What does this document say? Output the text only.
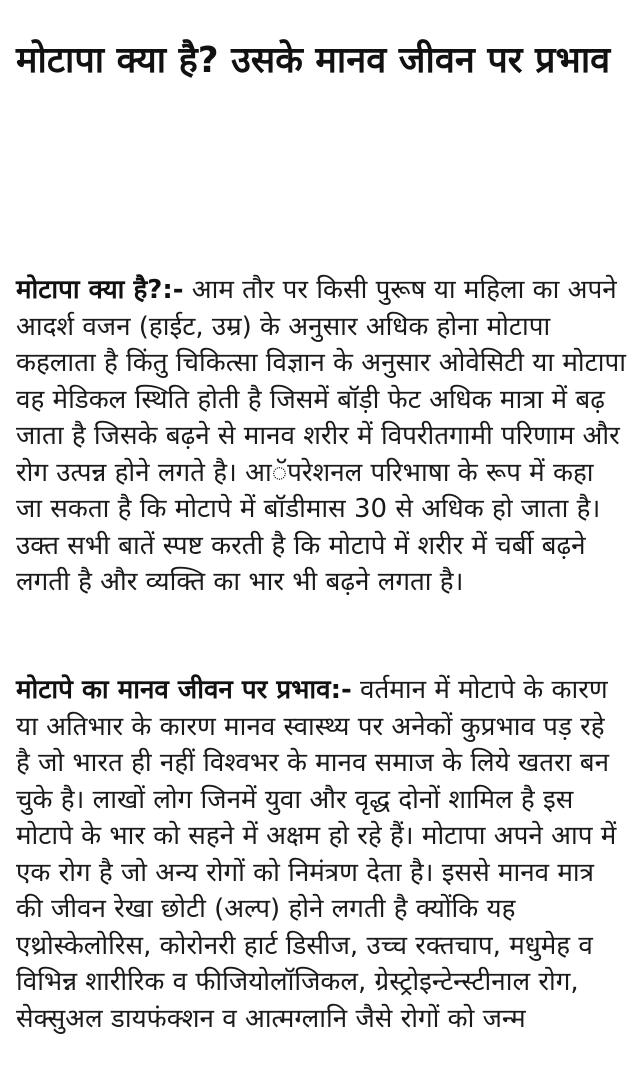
मोटापा क्या है? उसके मानव जीवन पर प्रभाव

मोटापा क्या है?:- आम तौर पर किसी पुरूष या महिला का अपने आदर्श वजन (हाईट, उम्र) के अनुसार अधिक होना मोटापा कहलाता है किंतु चिकित्सा विज्ञान के अनुसार ओवेसिटी या मोटापा वह मेडिकल स्थिति होती है जिसमें बॉड़ी फेट अधिक मात्रा में बढ़ जाता है जिसके बढ़ने से मानव शरीर में विपरीतगामी परिणाम और रोग उत्पन्न होने लगते है। आॅपरेशनल परिभाषा के रूप में कहा जा सकता है कि मोटापे में बॉडीमास 30 से अधिक हो जाता है। उक्त सभी बातें स्पष्ट करती है कि मोटापे में शरीर में चर्बी बढ़ने लगती है और व्यक्ति का भार भी बढ़ने लगता है।

मोटापे का मानव जीवन पर प्रभाव:- वर्तमान में मोटापे के कारण या अतिभार के कारण मानव स्वास्थ्य पर अनेकों कुप्रभाव पड़ रहे है जो भारत ही नहीं विश्वभर के मानव समाज के लिये खतरा बन चुके है। लाखों लोग जिनमें युवा और वृद्ध दोनों शामिल है इस मोटापे के भार को सहने में अक्षम हो रहे हैं। मोटापा अपने आप में एक रोग है जो अन्य रोगों को निमंत्रण देता है। इससे मानव मात्र की जीवन रेखा छोटी (अल्प) होने लगती है क्योंकि यह एथ्रोस्केलोरिस, कोरोनरी हार्ट डिसीज, उच्च रक्तचाप, मधुमेह व विभिन्न शारीरिक व फीजियोलॉजिकल, ग्रेस्ट्रोइन्टेन्स्टीनाल रोग, सेक्सुअल डायफंक्शन व आत्मग्लानि जैसे रोगों को जन्म
